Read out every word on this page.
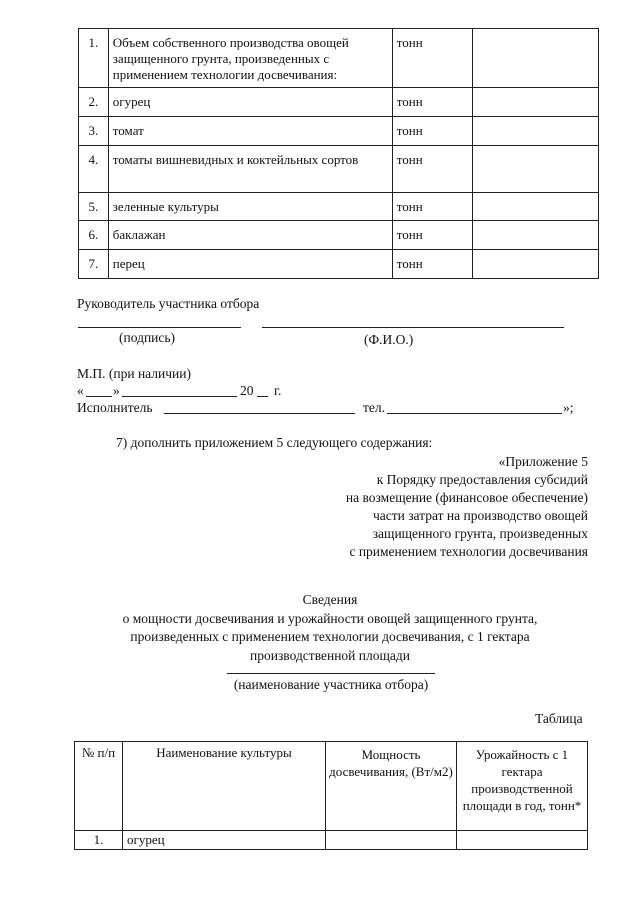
1.	Объем собственного производства овощей защищенного грунта, произведенных с применением технологии досвечивания:	тонн	
2.	огурец	тонн	
3.	томат	тонн	
4.	томаты вишневидных и коктейльных сортов	тонн	
5.	зеленные культуры	тонн	
6.	баклажан	тонн	
7.	перец	тонн	
Руководитель участника отбора
(подпись)	(Ф.И.О.)
М.П. (при наличии)
« »	20 г.
Исполнитель	тел.	»;
7) дополнить приложением 5 следующего содержания:
«Приложение 5
к Порядку предоставления субсидий
на возмещение (финансовое обеспечение)
части затрат на производство овощей
защищенного грунта, произведенных
с применением технологии досвечивания
Сведения
о мощности досвечивания и урожайности овощей защищенного грунта,
произведенных с применением технологии досвечивания, с 1 гектара
производственной площади
(наименование участника отбора)
Таблица
№ п/п	Наименование культуры	Мощность досвечивания, (Вт/м2)	Урожайность с 1 гектара производственной площади в год, тонн*
1.	огурец		
